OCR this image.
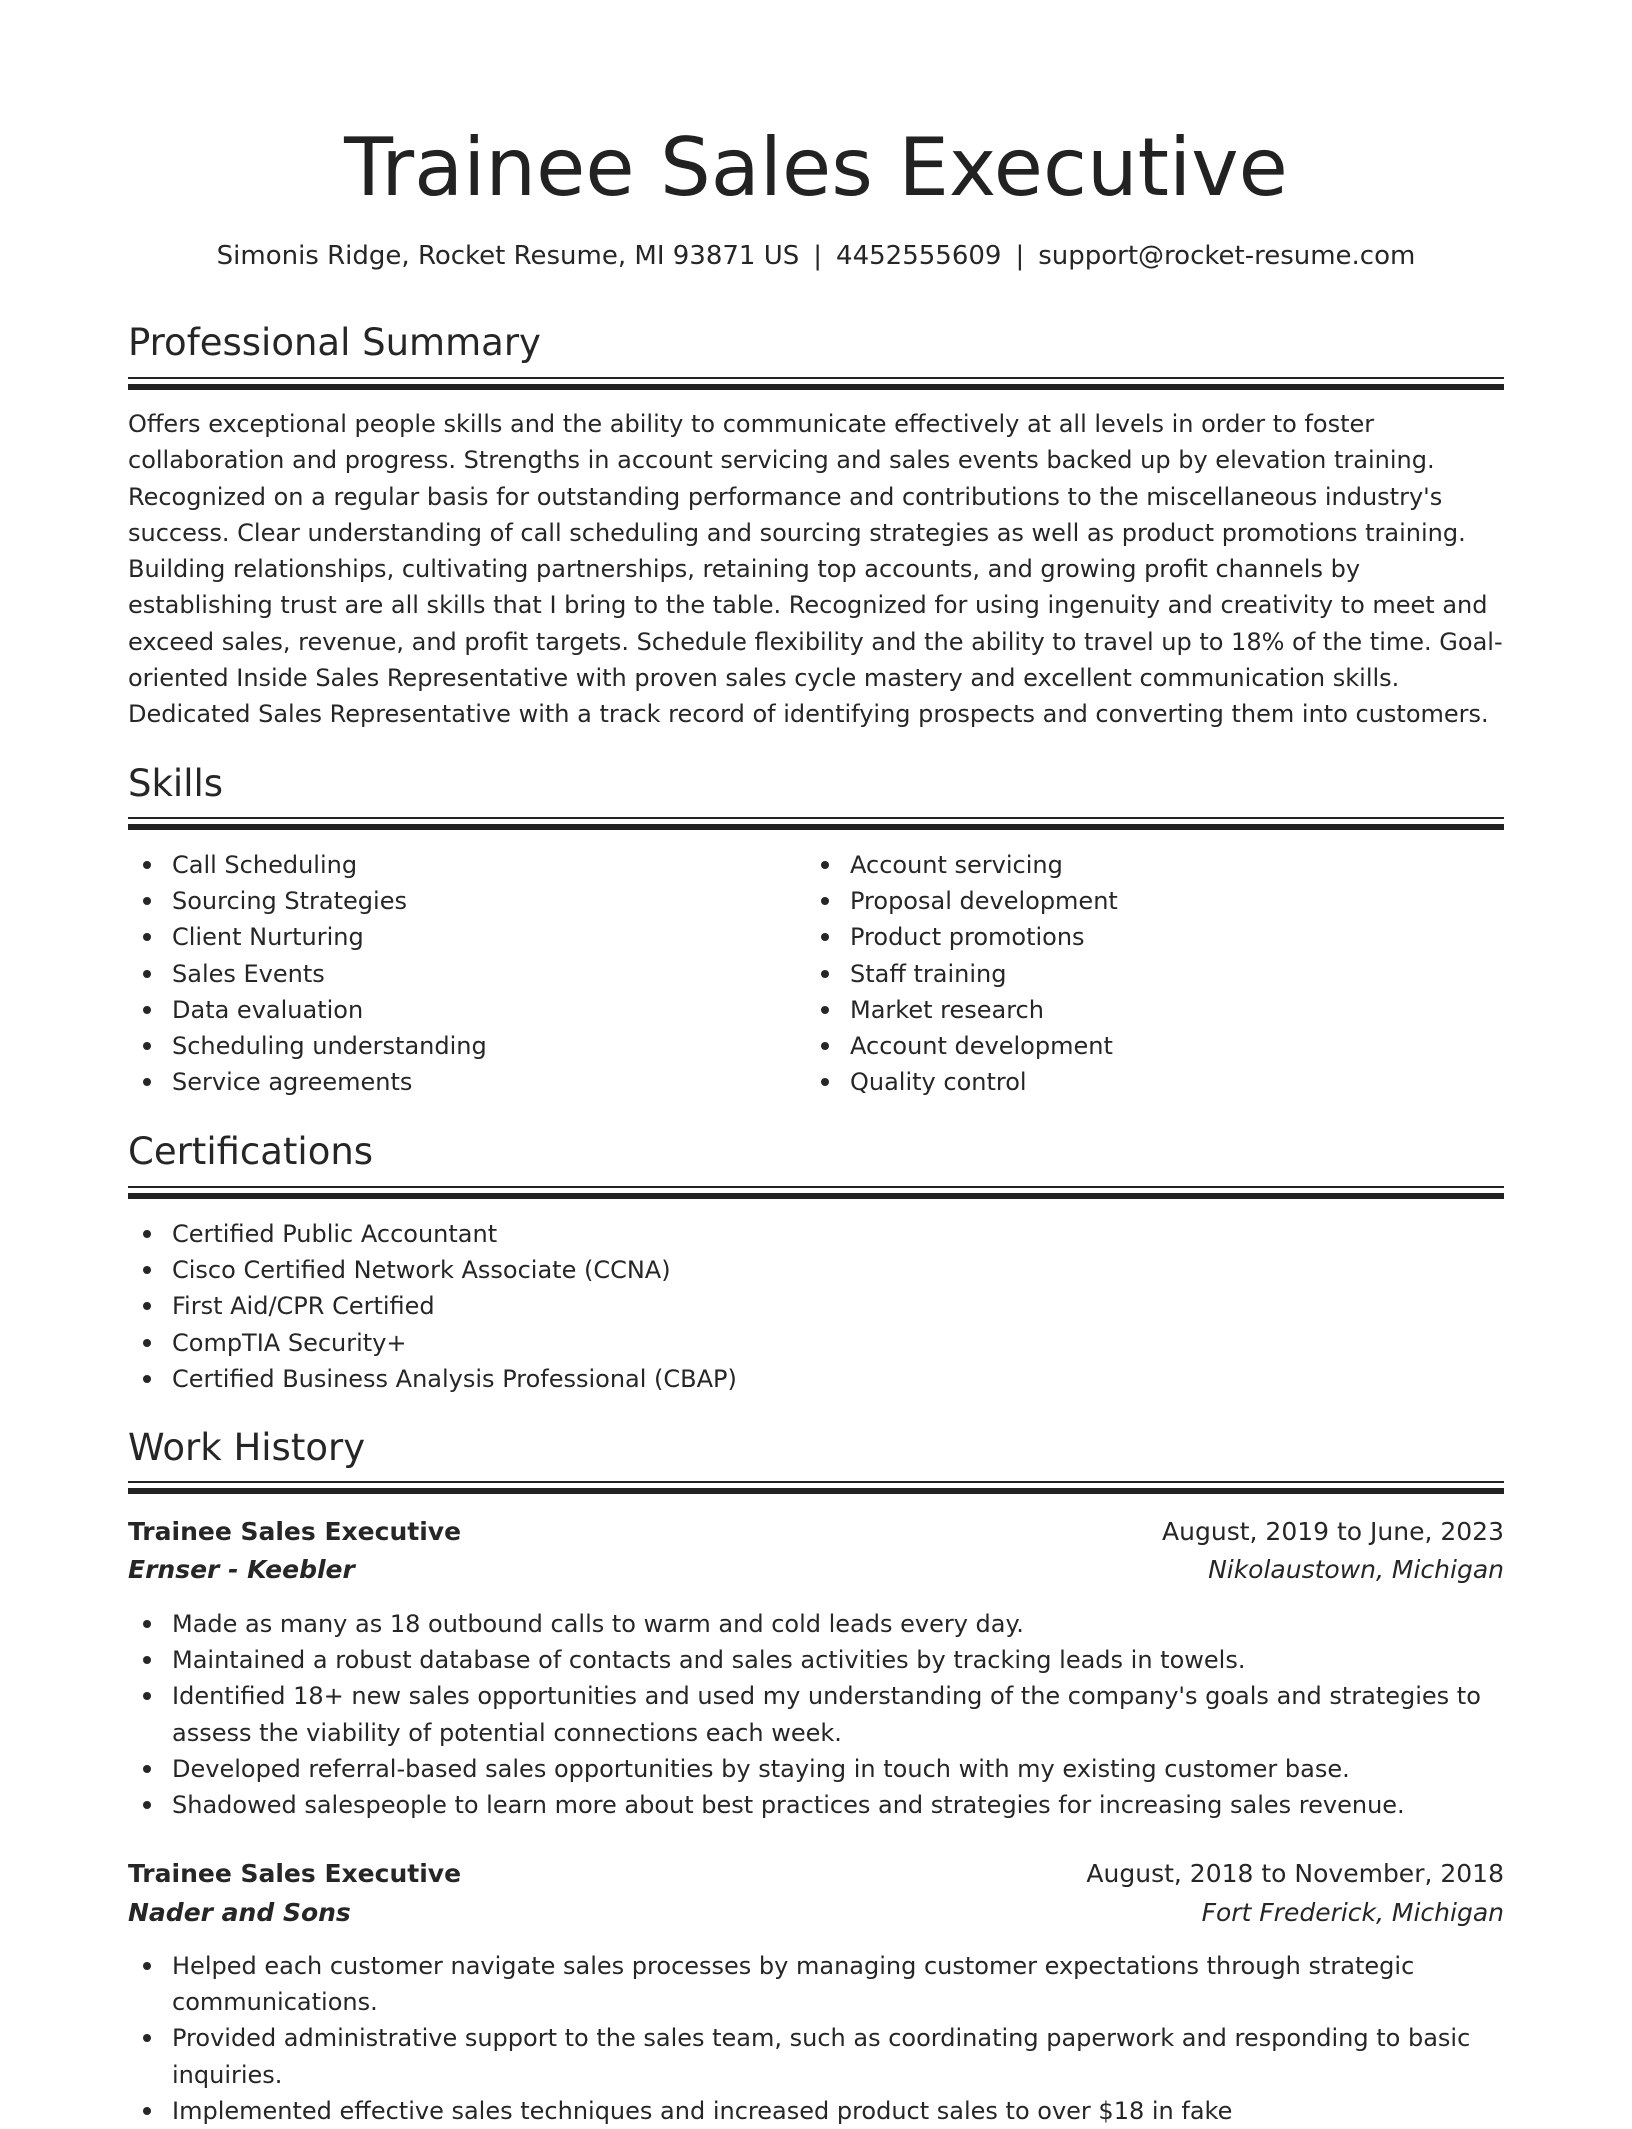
Trainee Sales Executive
Simonis Ridge, Rocket Resume, MI 93871 US | 4452555609 | support@rocket-resume.com
Professional Summary

Offers exceptional people skills and the ability to communicate effectively at all levels in order to foster collaboration and progress. Strengths in account servicing and sales events backed up by elevation training. Recognized on a regular basis for outstanding performance and contributions to the miscellaneous industry's success. Clear understanding of call scheduling and sourcing strategies as well as product promotions training. Building relationships, cultivating partnerships, retaining top accounts, and growing profit channels by establishing trust are all skills that I bring to the table. Recognized for using ingenuity and creativity to meet and exceed sales, revenue, and profit targets. Schedule flexibility and the ability to travel up to 18% of the time. Goal-oriented Inside Sales Representative with proven sales cycle mastery and excellent communication skills. Dedicated Sales Representative with a track record of identifying prospects and converting them into customers.

Skills
Call Scheduling
Sourcing Strategies
Client Nurturing
Sales Events
Data evaluation
Scheduling understanding
Service agreements
Account servicing
Proposal development
Product promotions
Staff training
Market research
Account development
Quality control
Certifications
Certified Public Accountant
Cisco Certified Network Associate (CCNA)
First Aid/CPR Certified
CompTIA Security+
Certified Business Analysis Professional (CBAP)
Work History
Trainee Sales Executive	August, 2019 to June, 2023
Ernser - Keebler	Nikolaustown, Michigan
Made as many as 18 outbound calls to warm and cold leads every day.
Maintained a robust database of contacts and sales activities by tracking leads in towels.
Identified 18+ new sales opportunities and used my understanding of the company's goals and strategies to assess the viability of potential connections each week.
Developed referral-based sales opportunities by staying in touch with my existing customer base.
Shadowed salespeople to learn more about best practices and strategies for increasing sales revenue.
Trainee Sales Executive	August, 2018 to November, 2018
Nader and Sons	Fort Frederick, Michigan
Helped each customer navigate sales processes by managing customer expectations through strategic communications.
Provided administrative support to the sales team, such as coordinating paperwork and responding to basic inquiries.
Implemented effective sales techniques and increased product sales to over $18 in fake
